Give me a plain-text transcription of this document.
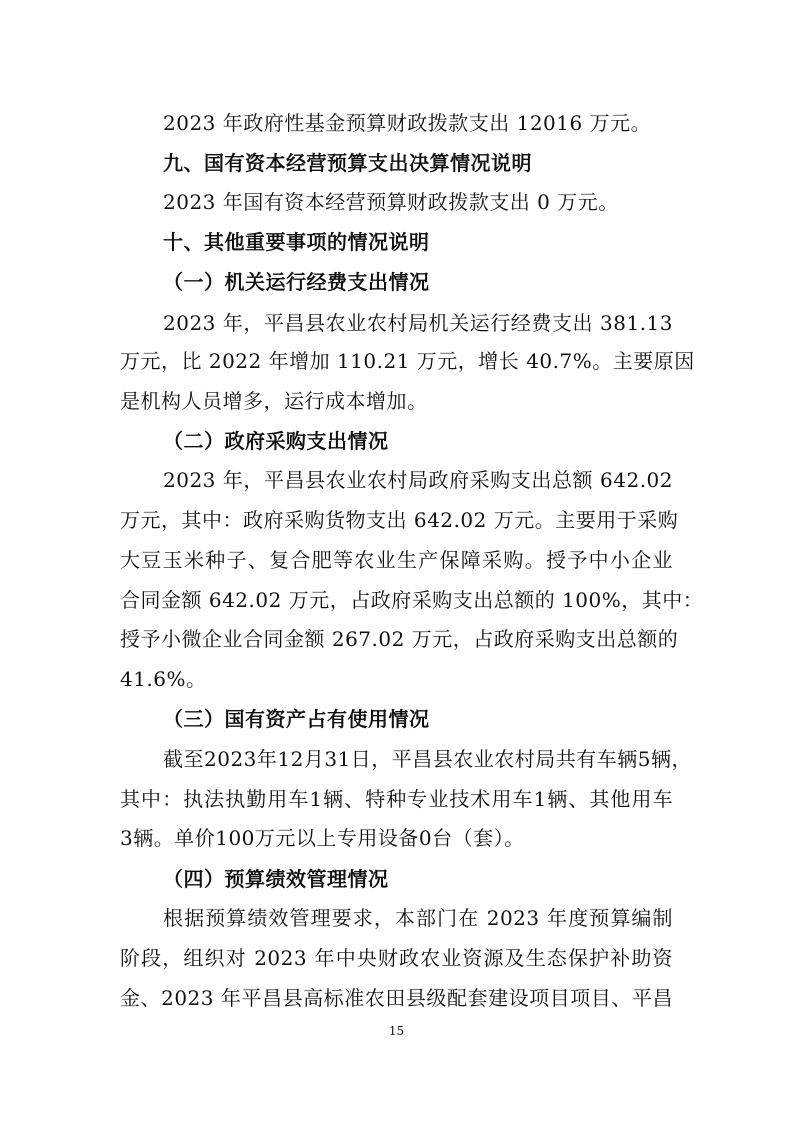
2023 年政府性基金预算财政拨款支出 12016 万元。
九、国有资本经营预算支出决算情况说明
2023 年国有资本经营预算财政拨款支出 0 万元。
十、其他重要事项的情况说明
（一）机关运行经费支出情况
2023 年，平昌县农业农村局机关运行经费支出 381.13
万元，比 2022 年增加 110.21 万元，增长 40.7%。主要原因
是机构人员增多，运行成本增加。
（二）政府采购支出情况
2023 年，平昌县农业农村局政府采购支出总额 642.02
万元，其中：政府采购货物支出 642.02 万元。主要用于采购
大豆玉米种子、复合肥等农业生产保障采购。授予中小企业
合同金额 642.02 万元，占政府采购支出总额的 100%，其中：
授予小微企业合同金额 267.02 万元，占政府采购支出总额的
41.6%。
（三）国有资产占有使用情况
截至2023年12月31日，平昌县农业农村局共有车辆5辆，
其中：执法执勤用车1辆、特种专业技术用车1辆、其他用车
3辆。单价100万元以上专用设备0台（套）。
（四）预算绩效管理情况
根据预算绩效管理要求，本部门在 2023 年度预算编制
阶段，组织对 2023 年中央财政农业资源及生态保护补助资
金、2023 年平昌县高标准农田县级配套建设项目项目、平昌
15
